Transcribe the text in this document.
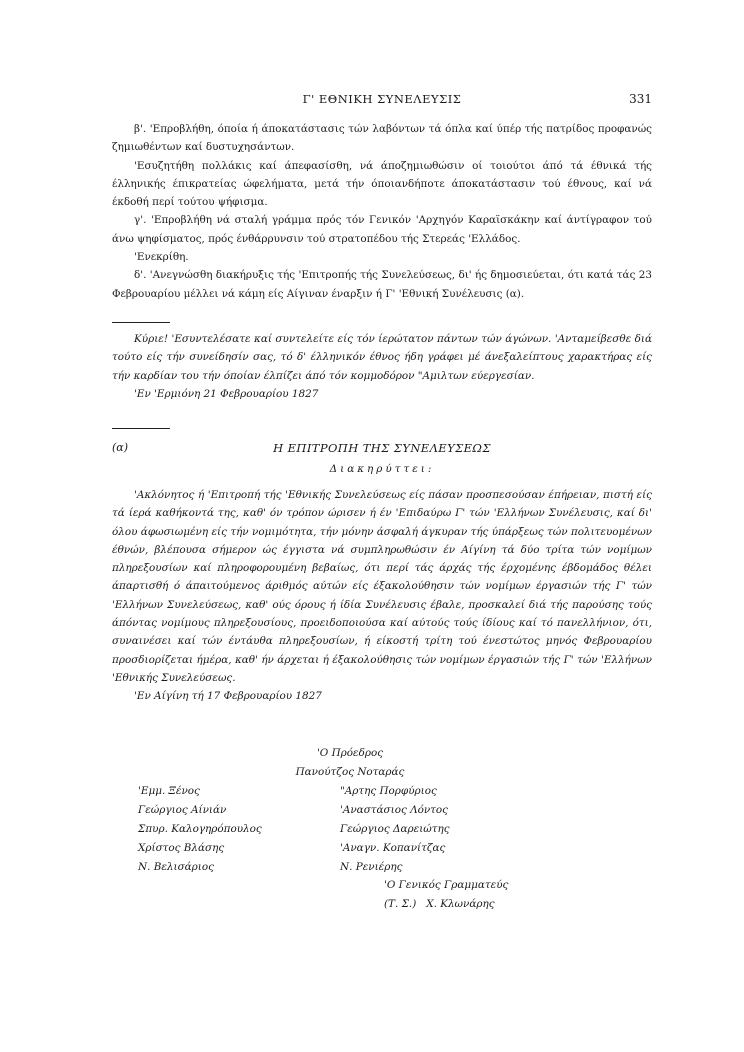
Γ' ΕΘΝΙΚΗ ΣΥΝΕΛΕΥΣΙΣ	331

β'. 'Επροβλήθη, όποία ή άποκατάστασις τών λαβόντων τά όπλα καί ύπέρ τής πατρίδος προφανώς ζημιωθέντων καί δυστυχησάντων.

'Εσυζητήθη πολλάκις καί άπεφασίσθη, νά άποζημιωθώσιν οί τοιούτοι άπό τά έθνικά τής έλληνικής έπικρατείας ώφελήματα, μετά τήν όποιανδήποτε άποκατάστασιν τού έθνους, καί νά έκδοθή περί τούτου ψήφισμα.

γ'. 'Επροβλήθη νά σταλή γράμμα πρός τόν Γενικόν 'Αρχηγόν Καραϊσκάκην καί άντίγραφον τού άνω ψηφίσματος, πρός ένθάρρυνσιν τού στρατοπέδου τής Στερεάς 'Ελλάδος.

'Ενεκρίθη.

δ'. 'Ανεγνώσθη διακήρυξις τής 'Επιτροπής τής Συνελεύσεως, δι' ής δημοσιεύεται, ότι κατά τάς 23 Φεβρουαρίου μέλλει νά κάμη είς Αίγιναν έναρξιν ή Γ' 'Εθνική Συνέλευσις (α).

Κύριε! 'Εσυντελέσατε καί συντελείτε είς τόν ίερώτατον πάντων τών άγώνων. 'Ανταμείβεσθε διά τούτο είς τήν συνείδησίν σας, τό δ' έλληνικόν έθνος ήδη γράφει μέ άνεξαλείπτους χαρακτήρας είς τήν καρδίαν του τήν όποίαν έλπίζει άπό τόν κομμοδόρον "Αμιλτων εύεργεσίαν.

'Εν 'Ερμιόνη 21 Φεβρουαρίου 1827

(α)	Η ΕΠΙΤΡΟΠΗ ΤΗΣ ΣΥΝΕΛΕΥΣΕΩΣ
Διακηρύττει:

'Ακλόνητος ή 'Επιτροπή τής 'Εθνικής Συνελεύσεως είς πάσαν προσπεσούσαν έπήρειαν, πιστή είς τά ίερά καθήκοντά της, καθ' όν τρόπον ώρισεν ή έν 'Επιδαύρω Γ' τών 'Ελλήνων Συνέλευσις, καί δι' όλου άφωσιωμένη είς τήν νομιμότητα, τήν μόνην άσφαλή άγκυραν τής ύπάρξεως τών πολιτευομένων έθνών, βλέπουσα σήμερον ώς έγγιστα νά συμπληρωθώσιν έν Αίγίνη τά δύο τρίτα τών νομίμων πληρεξουσίων καί πληροφορουμένη βεβαίως, ότι περί τάς άρχάς τής έρχομένης έβδομάδος θέλει άπαρτισθή ό άπαιτούμενος άριθμός αύτών είς έξακολούθησιν τών νομίμων έργασιών τής Γ' τών 'Ελλήνων Συνελεύσεως, καθ' ούς όρους ή ίδία Συνέλευσις έβαλε, προσκαλεί διά τής παρούσης τούς άπόντας νομίμους πληρεξουσίους, προειδοποιούσα καί αύτούς τούς ίδίους καί τό πανελλήνιον, ότι, συναινέσει καί τών έντάυθα πληρεξουσίων, ή είκοστή τρίτη τού ένεστώτος μηνός Φεβρουαρίου προσδιορίζεται ήμέρα, καθ' ήν άρχεται ή έξακολούθησις τών νομίμων έργασιών τής Γ' τών 'Ελλήνων 'Εθνικής Συνελεύσεως.

'Εν Αίγίνη τή 17 Φεβρουαρίου 1827

'Ο Πρόεδρος
Πανούτζος Νοταράς
'Εμμ. Ξένος
Γεώργιος Αίνιάν
Σπυρ. Καλογηρόπουλος
Χρίστος Βλάσης
Ν. Βελισάριος
"Αρτης Πορφύριος
'Αναστάσιος Λόντος
Γεώργιος Δαρειώτης
'Αναγν. Κοπανίτζας
Ν. Ρενιέρης
'Ο Γενικός Γραμματεύς
(Τ. Σ.)   Χ. Κλωνάρης
